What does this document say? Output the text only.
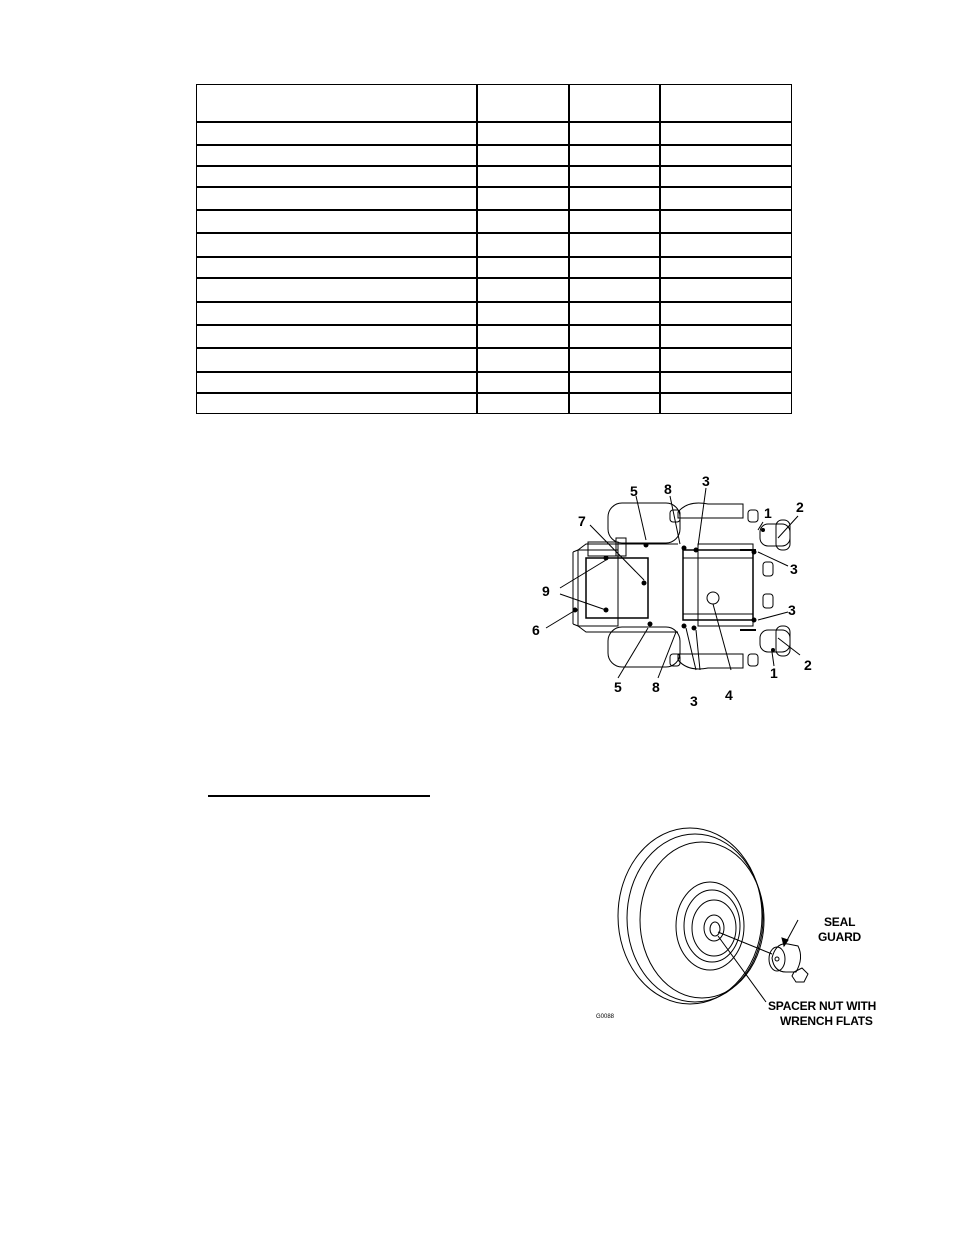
5 8 3
1 2
7
3
9
3
6
2
1
5 8
3 4
SEAL
GUARD
SPACER NUT WITH
WRENCH FLATS
G0088
